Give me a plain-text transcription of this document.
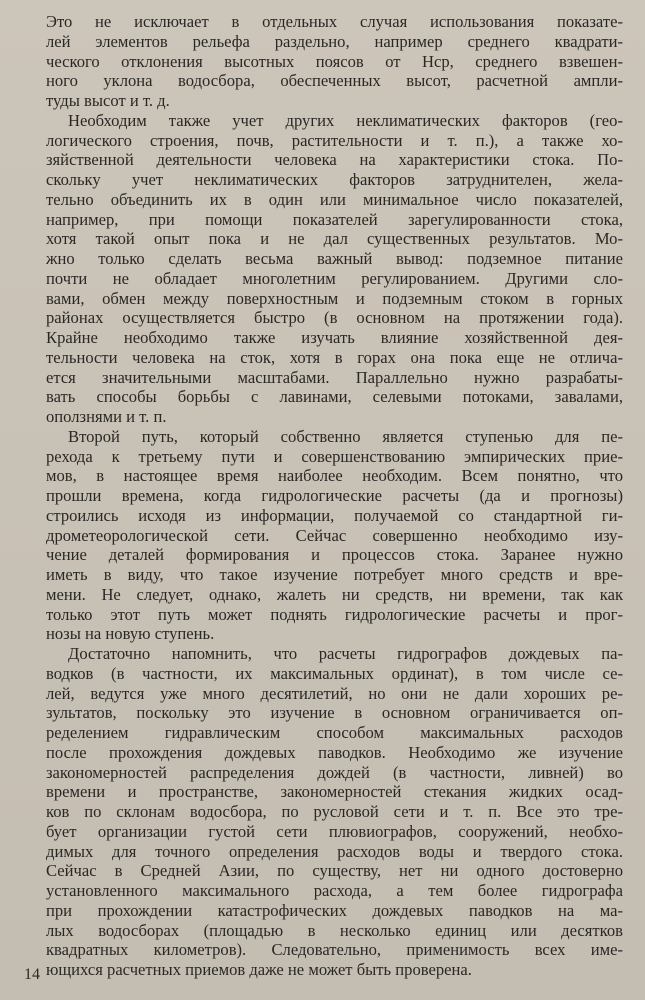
Это не исключает в отдельных случая использования показате-
лей элементов рельефа раздельно, например среднего квадрати-
ческого отклонения высотных поясов от Hср, среднего взвешен-
ного уклона водосбора, обеспеченных высот, расчетной ампли-
туды высот и т. д.
Необходим также учет других неклиматических факторов (гео-
логического строения, почв, растительности и т. п.), а также хо-
зяйственной деятельности человека на характеристики стока. По-
скольку учет неклиматических факторов затруднителен, жела-
тельно объединить их в один или минимальное число показателей,
например, при помощи показателей зарегулированности стока,
хотя такой опыт пока и не дал существенных результатов. Мо-
жно только сделать весьма важный вывод: подземное питание
почти не обладает многолетним регулированием. Другими сло-
вами, обмен между поверхностным и подземным стоком в горных
районах осуществляется быстро (в основном на протяжении года).
Крайне необходимо также изучать влияние хозяйственной дея-
тельности человека на сток, хотя в горах она пока еще не отлича-
ется значительными масштабами. Параллельно нужно разрабаты-
вать способы борьбы с лавинами, селевыми потоками, завалами,
оползнями и т. п.
Второй путь, который собственно является ступенью для пе-
рехода к третьему пути и совершенствованию эмпирических прие-
мов, в настоящее время наиболее необходим. Всем понятно, что
прошли времена, когда гидрологические расчеты (да и прогнозы)
строились исходя из информации, получаемой со стандартной ги-
дрометеорологической сети. Сейчас совершенно необходимо изу-
чение деталей формирования и процессов стока. Заранее нужно
иметь в виду, что такое изучение потребует много средств и вре-
мени. Не следует, однако, жалеть ни средств, ни времени, так как
только этот путь может поднять гидрологические расчеты и прог-
нозы на новую ступень.
Достаточно напомнить, что расчеты гидрографов дождевых па-
водков (в частности, их максимальных ординат), в том числе се-
лей, ведутся уже много десятилетий, но они не дали хороших ре-
зультатов, поскольку это изучение в основном ограничивается оп-
ределением гидравлическим способом максимальных расходов
после прохождения дождевых паводков. Необходимо же изучение
закономерностей распределения дождей (в частности, ливней) во
времени и пространстве, закономерностей стекания жидких осад-
ков по склонам водосбора, по русловой сети и т. п. Все это тре-
бует организации густой сети плювиографов, сооружений, необхо-
димых для точного определения расходов воды и твердого стока.
Сейчас в Средней Азии, по существу, нет ни одного достоверно
установленного максимального расхода, а тем более гидрографа
при прохождении катастрофических дождевых паводков на ма-
лых водосборах (площадью в несколько единиц или десятков
квадратных километров). Следовательно, применимость всех име-
ющихся расчетных приемов даже не может быть проверена.
14
